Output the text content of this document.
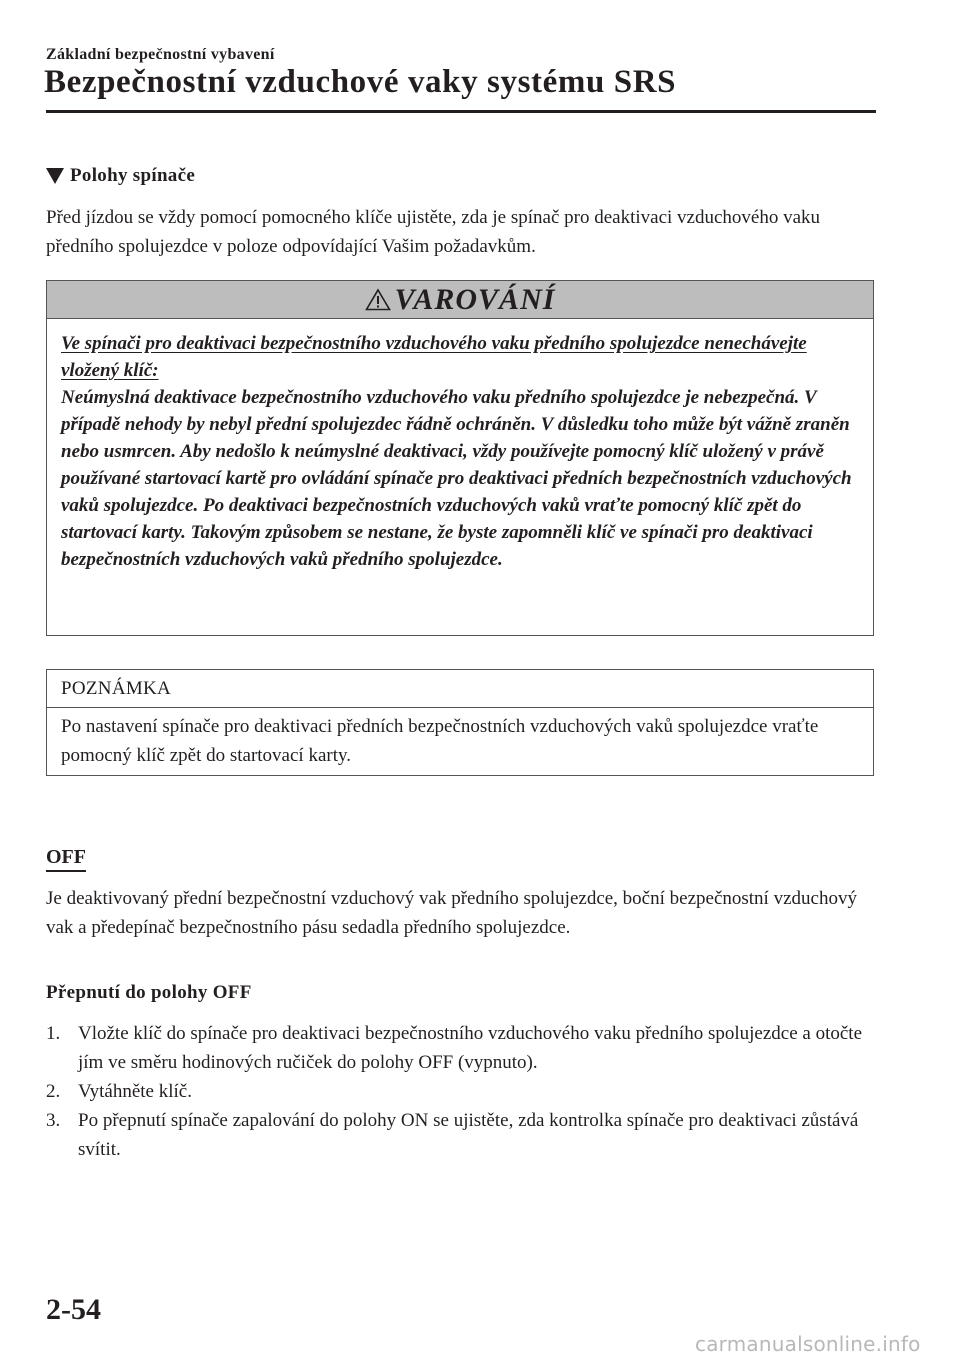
Základní bezpečnostní vybavení
Bezpečnostní vzduchové vaky systému SRS
Polohy spínače
Před jízdou se vždy pomocí pomocného klíče ujistěte, zda je spínač pro deaktivaci vzduchového vaku předního spolujezdce v poloze odpovídající Vašim požadavkům.
VAROVÁNÍ
Ve spínači pro deaktivaci bezpečnostního vzduchového vaku předního spolujezdce nenechávejte vložený klíč:
Neúmyslná deaktivace bezpečnostního vzduchového vaku předního spolujezdce je nebezpečná. V případě nehody by nebyl přední spolujezdec řádně ochráněn. V důsledku toho může být vážně zraněn nebo usmrcen. Aby nedošlo k neúmyslné deaktivaci, vždy používejte pomocný klíč uložený v právě používané startovací kartě pro ovládání spínače pro deaktivaci předních bezpečnostních vzduchových vaků spolujezdce. Po deaktivaci bezpečnostních vzduchových vaků vraťte pomocný klíč zpět do startovací karty. Takovým způsobem se nestane, že byste zapomněli klíč ve spínači pro deaktivaci bezpečnostních vzduchových vaků předního spolujezdce.
POZNÁMKA
Po nastavení spínače pro deaktivaci předních bezpečnostních vzduchových vaků spolujezdce vraťte pomocný klíč zpět do startovací karty.
OFF
Je deaktivovaný přední bezpečnostní vzduchový vak předního spolujezdce, boční bezpečnostní vzduchový vak a předepínač bezpečnostního pásu sedadla předního spolujezdce.
Přepnutí do polohy OFF
1. Vložte klíč do spínače pro deaktivaci bezpečnostního vzduchového vaku předního spolujezdce a otočte jím ve směru hodinových ručiček do polohy OFF (vypnuto).
2. Vytáhněte klíč.
3. Po přepnutí spínače zapalování do polohy ON se ujistěte, zda kontrolka spínače pro deaktivaci zůstává svítit.
2-54
carmanualsonline.info
